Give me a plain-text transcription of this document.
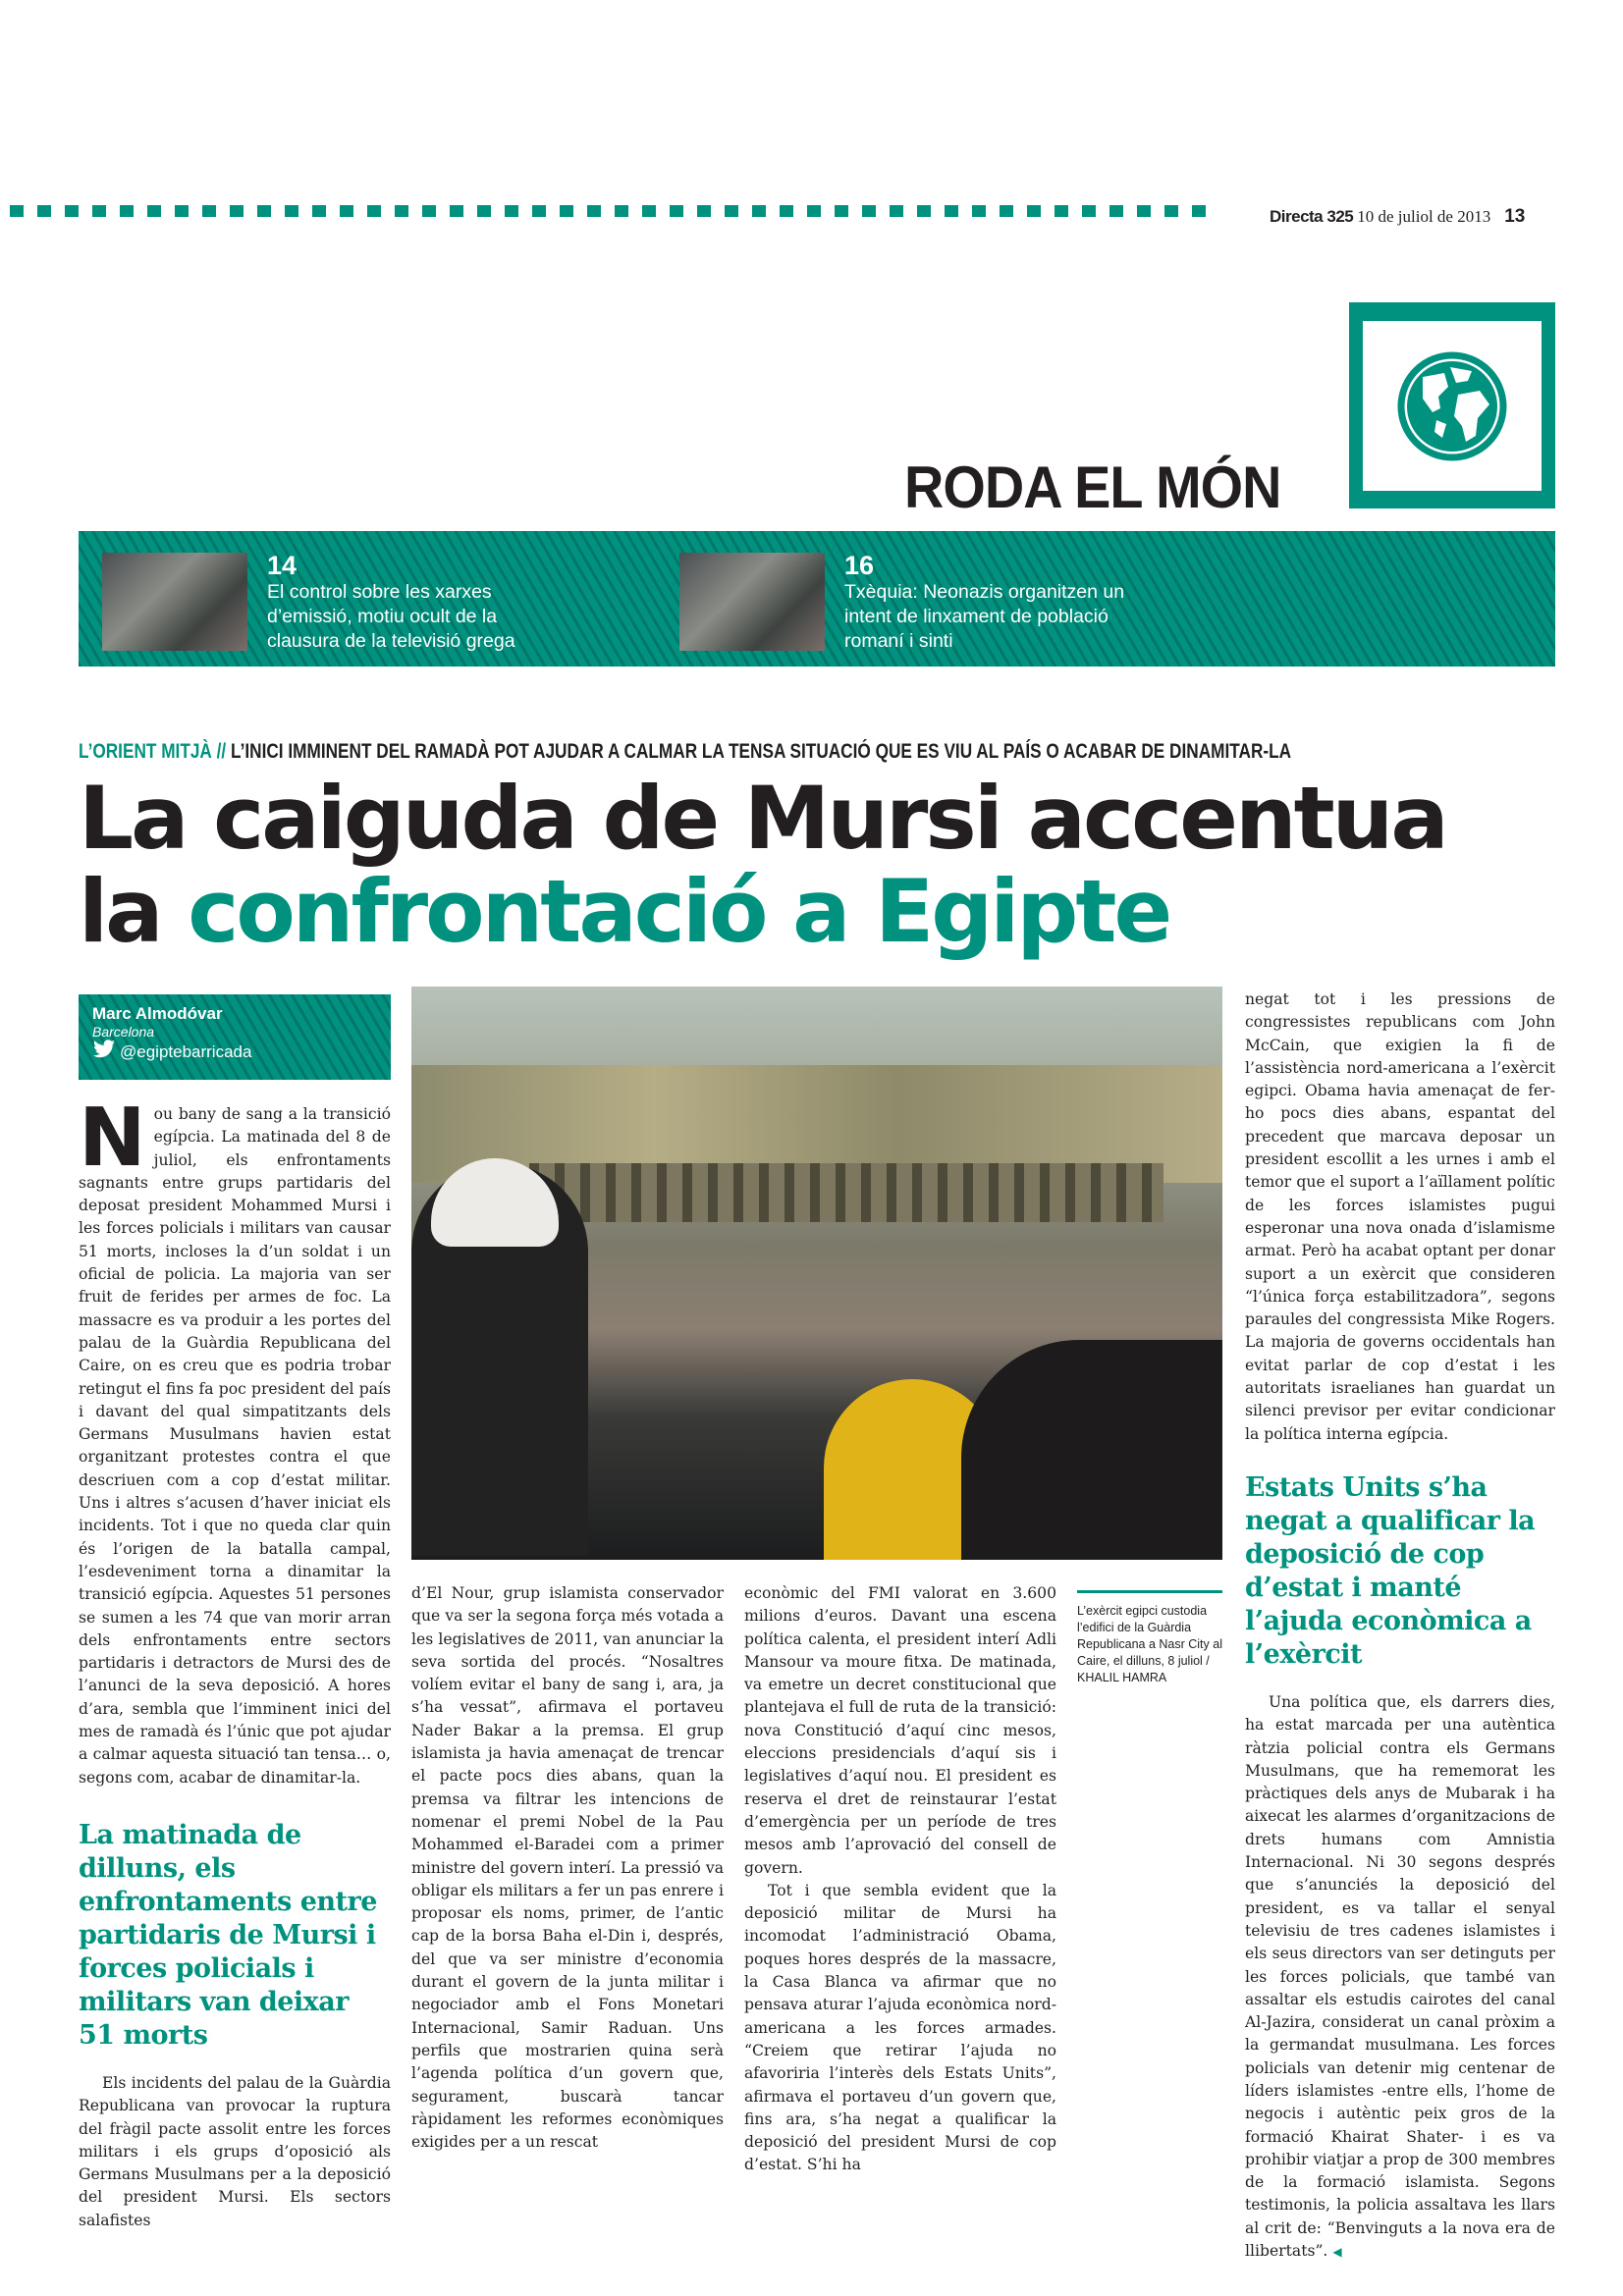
Directa 325 10 de juliol de 2013 13
RODA EL MÓN
14
El control sobre les xarxes d’emissió, motiu ocult de la clausura de la televisió grega
16
Txèquia: Neonazis organitzen un intent de linxament de població romaní i sinti
L’ORIENT MITJÀ // L’INICI IMMINENT DEL RAMADÀ POT AJUDAR A CALMAR LA TENSA SITUACIÓ QUE ES VIU AL PAÍS O ACABAR DE DINAMITAR-LA
La caiguda de Mursi accentua
la confrontació a Egipte
Marc Almodóvar
Barcelona
@egiptebarricada

Nou bany de sang a la transició egípcia. La matinada del 8 de juliol, els enfrontaments sagnants entre grups partidaris del deposat president Mohammed Mursi i les forces policials i militars van causar 51 morts, incloses la d’un soldat i un oficial de policia. La majoria van ser fruit de ferides per armes de foc. La massacre es va produir a les portes del palau de la Guàrdia Republicana del Caire, on es creu que es podria trobar retingut el fins fa poc president del país i davant del qual simpatitzants dels Germans Musulmans havien estat organitzant protestes contra el que descriuen com a cop d’estat militar. Uns i altres s’acusen d’haver iniciat els incidents. Tot i que no queda clar quin és l’origen de la batalla campal, l’esdeveniment torna a dinamitar la transició egípcia. Aquestes 51 persones se sumen a les 74 que van morir arran dels enfrontaments entre sectors partidaris i detractors de Mursi des de l’anunci de la seva deposició. A hores d’ara, sembla que l’imminent inici del mes de ramadà és l’únic que pot ajudar a calmar aquesta situació tan tensa… o, segons com, acabar de dinamitar-la.

La matinada de dilluns, els enfrontaments entre partidaris de Mursi i forces policials i militars van deixar 51 morts

Els incidents del palau de la Guàrdia Republicana van provocar la ruptura del fràgil pacte assolit entre les forces militars i els grups d’oposició als Germans Musulmans per a la deposició del president Mursi. Els sectors salafistes

d’El Nour, grup islamista conservador que va ser la segona força més votada a les legislatives de 2011, van anunciar la seva sortida del procés. “Nosaltres volíem evitar el bany de sang i, ara, ja s’ha vessat”, afirmava el portaveu Nader Bakar a la premsa. El grup islamista ja havia amenaçat de trencar el pacte pocs dies abans, quan la premsa va filtrar les intencions de nomenar el premi Nobel de la Pau Mohammed el-Baradei com a primer ministre del govern interí. La pressió va obligar els militars a fer un pas enrere i proposar els noms, primer, de l’antic cap de la borsa Baha el-Din i, després, del que va ser ministre d’economia durant el govern de la junta militar i negociador amb el Fons Monetari Internacional, Samir Raduan. Uns perfils que mostrarien quina serà l’agenda política d’un govern que, segurament, buscarà tancar ràpidament les reformes econòmiques exigides per a un rescat

econòmic del FMI valorat en 3.600 milions d’euros. Davant una escena política calenta, el president interí Adli Mansour va moure fitxa. De matinada, va emetre un decret constitucional que plantejava el full de ruta de la transició: nova Constitució d’aquí cinc mesos, eleccions presidencials d’aquí sis i legislatives d’aquí nou. El president es reserva el dret de reinstaurar l’estat d’emergència per un període de tres mesos amb l’aprovació del consell de govern.

Tot i que sembla evident que la deposició militar de Mursi ha incomodat l’administració Obama, poques hores després de la massacre, la Casa Blanca va afirmar que no pensava aturar l’ajuda econòmica nord-americana a les forces armades. “Creiem que retirar l’ajuda no afavoriria l’interès dels Estats Units”, afirmava el portaveu d’un govern que, fins ara, s’ha negat a qualificar la deposició del president Mursi de cop d’estat. S’hi ha

L’exèrcit egipci custodia l’edifici de la Guàrdia Republicana a Nasr City al Caire, el dilluns, 8 juliol / KHALIL HAMRA

negat tot i les pressions de congressistes republicans com John McCain, que exigien la fi de l’assistència nord-americana a l’exèrcit egipci. Obama havia amenaçat de fer-ho pocs dies abans, espantat del precedent que marcava deposar un president escollit a les urnes i amb el temor que el suport a l’aïllament polític de les forces islamistes pugui esperonar una nova onada d’islamisme armat. Però ha acabat optant per donar suport a un exèrcit que consideren “l’única força estabilitzadora”, segons paraules del congressista Mike Rogers. La majoria de governs occidentals han evitat parlar de cop d’estat i les autoritats israelianes han guardat un silenci previsor per evitar condicionar la política interna egípcia.

Estats Units s’ha negat a qualificar la deposició de cop d’estat i manté l’ajuda econòmica a l’exèrcit

Una política que, els darrers dies, ha estat marcada per una autèntica ràtzia policial contra els Germans Musulmans, que ha rememorat les pràctiques dels anys de Mubarak i ha aixecat les alarmes d’organitzacions de drets humans com Amnistia Internacional. Ni 30 segons després que s’anunciés la deposició del president, es va tallar el senyal televisiu de tres cadenes islamistes i els seus directors van ser detinguts per les forces policials, que també van assaltar els estudis cairotes del canal Al-Jazira, considerat un canal pròxim a la germandat musulmana. Les forces policials van detenir mig centenar de líders islamistes -entre ells, l’home de negocis i autèntic peix gros de la formació Khairat Shater- i es va prohibir viatjar a prop de 300 membres de la formació islamista. Segons testimonis, la policia assaltava les llars al crit de: “Benvinguts a la nova era de llibertats”. ◀
